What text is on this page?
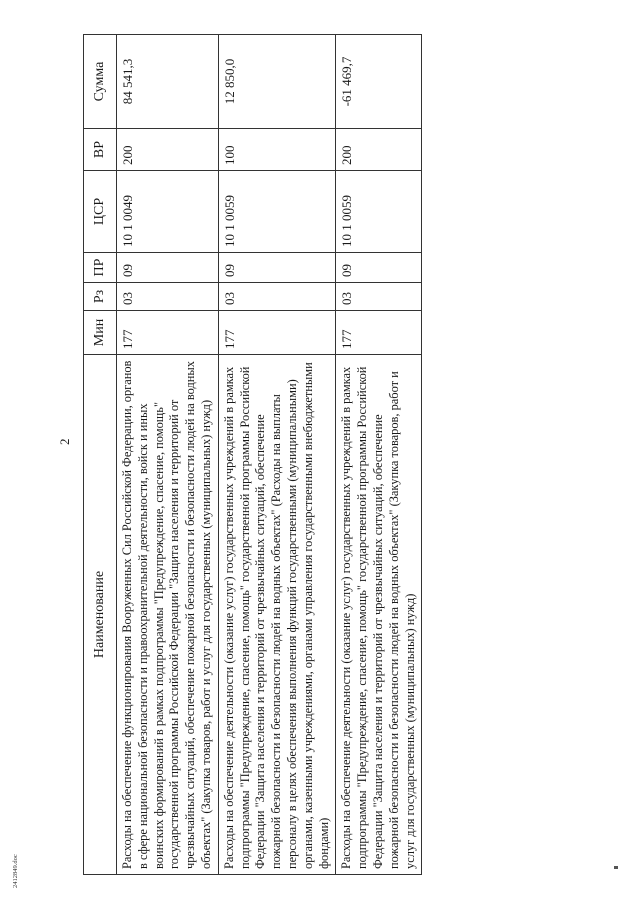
2
Наименование	Мин	Рз	ПР	ЦСР	ВР	Сумма
Расходы на обеспечение функционирования Вооруженных Сил Российской Федерации, органов в сфере национальной безопасности и правоохранительной деятельности, войск и иных воинских формирований в рамках подпрограммы "Предупреждение, спасение, помощь" государственной программы Российской Федерации "Защита населения и территорий от чрезвычайных ситуаций, обеспечение пожарной безопасности и безопасности людей на водных объектах" (Закупка товаров, работ и услуг для государственных (муниципальных) нужд)	177	03	09	10 1 0049	200	84 541,3
Расходы на обеспечение деятельности (оказание услуг) государственных учреждений в рамках подпрограммы "Предупреждение, спасение, помощь" государственной программы Российской Федерации "Защита населения и территорий от чрезвычайных ситуаций, обеспечение пожарной безопасности и безопасности людей на водных объектах" (Расходы на выплаты персоналу в целях обеспечения выполнения функций государственными (муниципальными) органами, казенными учреждениями, органами управления государственными внебюджетными фондами)	177	03	09	10 1 0059	100	12 850,0
Расходы на обеспечение деятельности (оказание услуг) государственных учреждений в рамках подпрограммы "Предупреждение, спасение, помощь" государственной программы Российской Федерации "Защита населения и территорий от чрезвычайных ситуаций, обеспечение пожарной безопасности и безопасности людей на водных объектах" (Закупка товаров, работ и услуг для государственных (муниципальных) нужд)	177	03	09	10 1 0059	200	-61 469,7
2412849.doc
